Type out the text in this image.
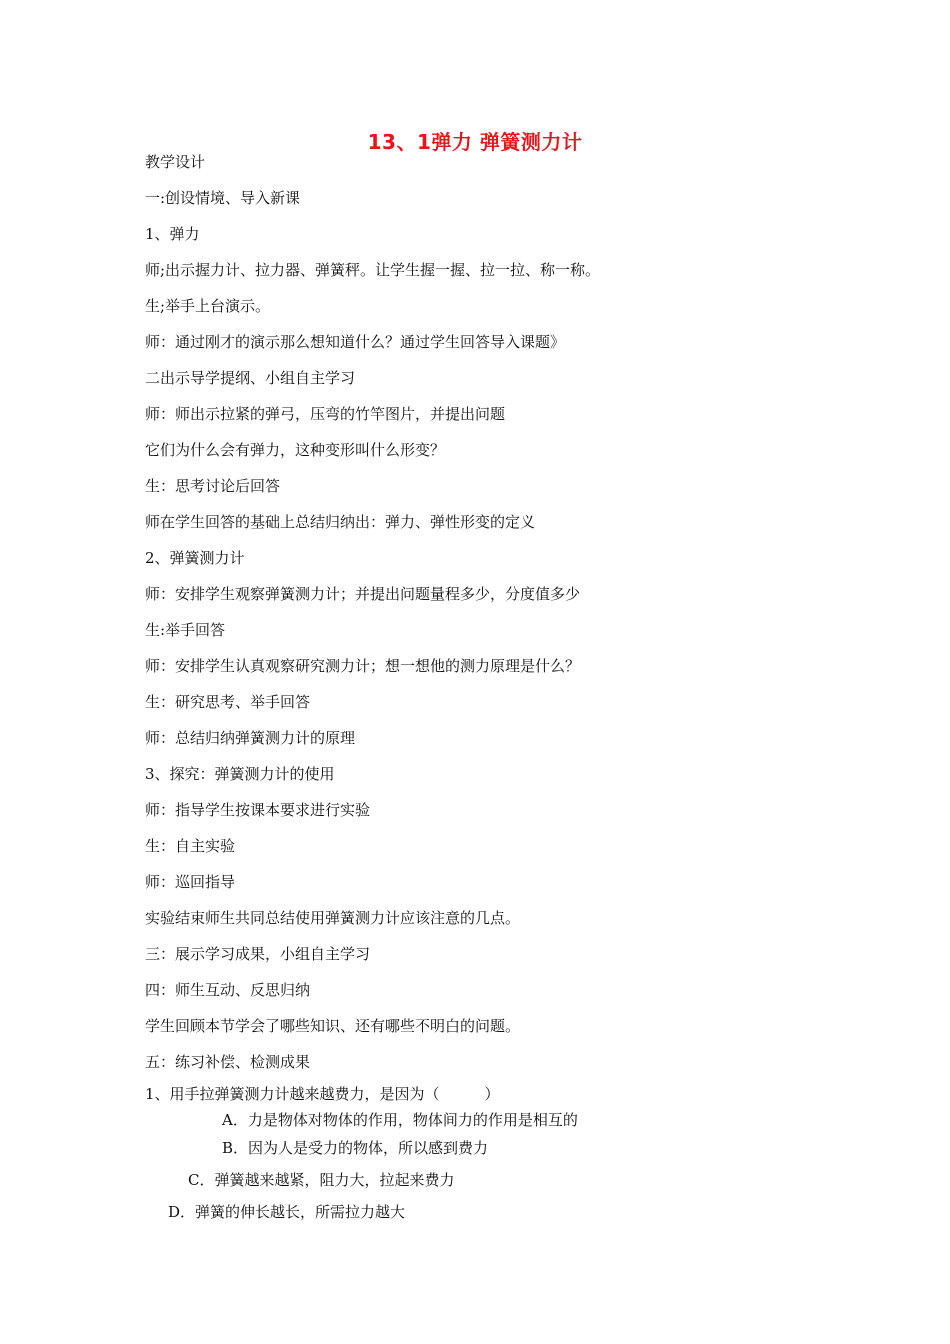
13、1弹力 弹簧测力计
教学设计
一:创设情境、导入新课
1、弹力
师;出示握力计、拉力器、弹簧秤。让学生握一握、拉一拉、称一称。
生;举手上台演示。
师：通过刚才的演示那么想知道什么？通过学生回答导入课题》
二出示导学提纲、小组自主学习
师：师出示拉紧的弹弓，压弯的竹竿图片，并提出问题
它们为什么会有弹力，这种变形叫什么形变？
生：思考讨论后回答
师在学生回答的基础上总结归纳出：弹力、弹性形变的定义
2、弹簧测力计
师：安排学生观察弹簧测力计；并提出问题量程多少，分度值多少
生:举手回答
师：安排学生认真观察研究测力计；想一想他的测力原理是什么？
生：研究思考、举手回答
师：总结归纳弹簧测力计的原理
3、探究：弹簧测力计的使用
师：指导学生按课本要求进行实验
生：自主实验
师：巡回指导
实验结束师生共同总结使用弹簧测力计应该注意的几点。
三：展示学习成果，小组自主学习
四：师生互动、反思归纳
学生回顾本节学会了哪些知识、还有哪些不明白的问题。
五：练习补偿、检测成果
1、用手拉弹簧测力计越来越费力，是因为（　　　）
A．力是物体对物体的作用，物体间力的作用是相互的
B．因为人是受力的物体，所以感到费力
C．弹簧越来越紧，阻力大，拉起来费力
D．弹簧的伸长越长，所需拉力越大
